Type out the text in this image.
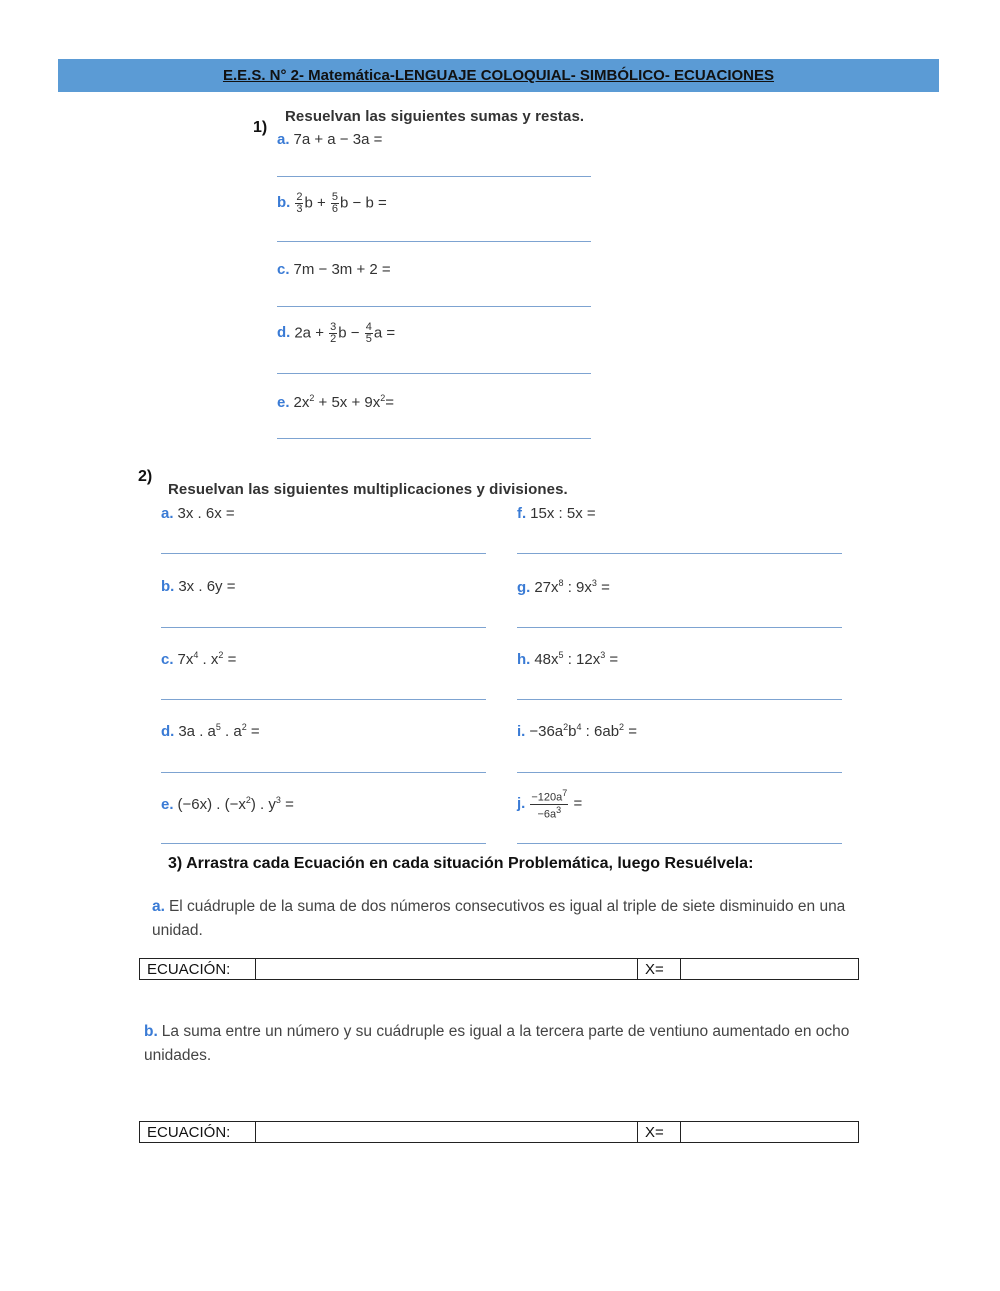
E.E.S. N° 2- Matemática-LENGUAJE COLOQUIAL- SIMBÓLICO- ECUACIONES
1)
Resuelvan las siguientes sumas y restas.
a. 7a + a − 3a =
b. $\frac{2}{3}$ $b + \frac{5}{6}$ b − b =
c. 7m − 3m + 2 =
d. $2a + \frac{3}{2}$ $b - \frac{4}{5}$ a =
e. $2x^2 + 5x + 9x^2=$
2)
Resuelvan las siguientes multiplicaciones y divisiones.
a. 3x . 6x =
b. 3x . 6y =
c. $7x^4$ . $x^2$ =
d. 3a . $a^5$ . $a^2$ =
e. (−6x) . $(-x^2)$ . $y^3$ =
f. 15x : 5x =
g. $27x^8$ : $9x^3$ =
h. $48x^5$ : $12x^3$ =
i. $-36a^2b^4$ : $6ab^2$ =
j. $\frac{-120a^7}{-6a^3}$ =
3) Arrastra cada Ecuación en cada situación Problemática, luego Resuélvela:
a. El cuádruple de la suma de dos números consecutivos es igual al triple de siete disminuido en una unidad.
ECUACIÓN:		X=	
b. La suma entre un número y su cuádruple es igual a la tercera parte de ventiuno aumentado en ocho unidades.
ECUACIÓN:		X=	
